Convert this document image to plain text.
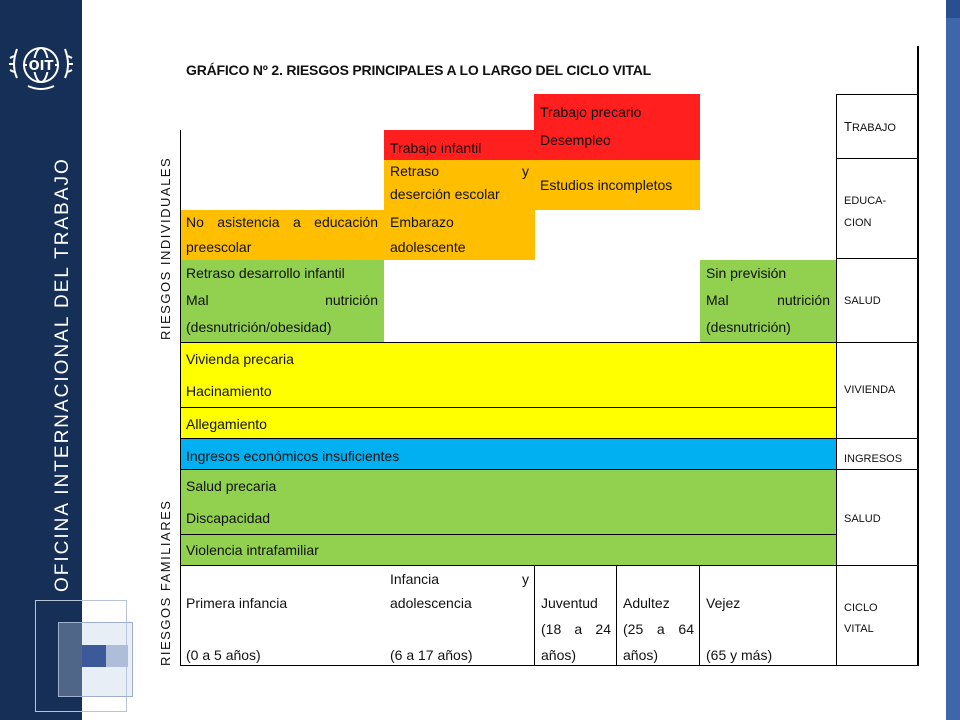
OIT
OFICINA INTERNACIONAL DEL TRABAJO
GRÁFICO Nº 2. RIESGOS PRINCIPALES A LO LARGO DEL CICLO VITAL
RIESGOS INDIVIDUALES
RIESGOS FAMILIARES
Trabajo precario
Desempleo
Trabajo infantil
Retraso y
deserción escolar
Estudios incompletos
No asistencia a educación
preescolar
Embarazo
adolescente
Retraso desarrollo infantil
Mal nutrición
(desnutrición/obesidad)
Sin previsión
Mal nutrición
(desnutrición)
Vivienda precaria
Hacinamiento
Allegamiento
Ingresos económicos insuficientes
Salud precaria
Discapacidad
Violencia intrafamiliar
Primera infancia
(0 a 5 años)
Infancia y
adolescencia
(6 a 17 años)
Juventud
(18 a 24
años)
Adultez
(25 a 64
años)
Vejez
(65 y más)
TRABAJO
EDUCA-
CION
SALUD
VIVIENDA
INGRESOS
SALUD
CICLO
VITAL
